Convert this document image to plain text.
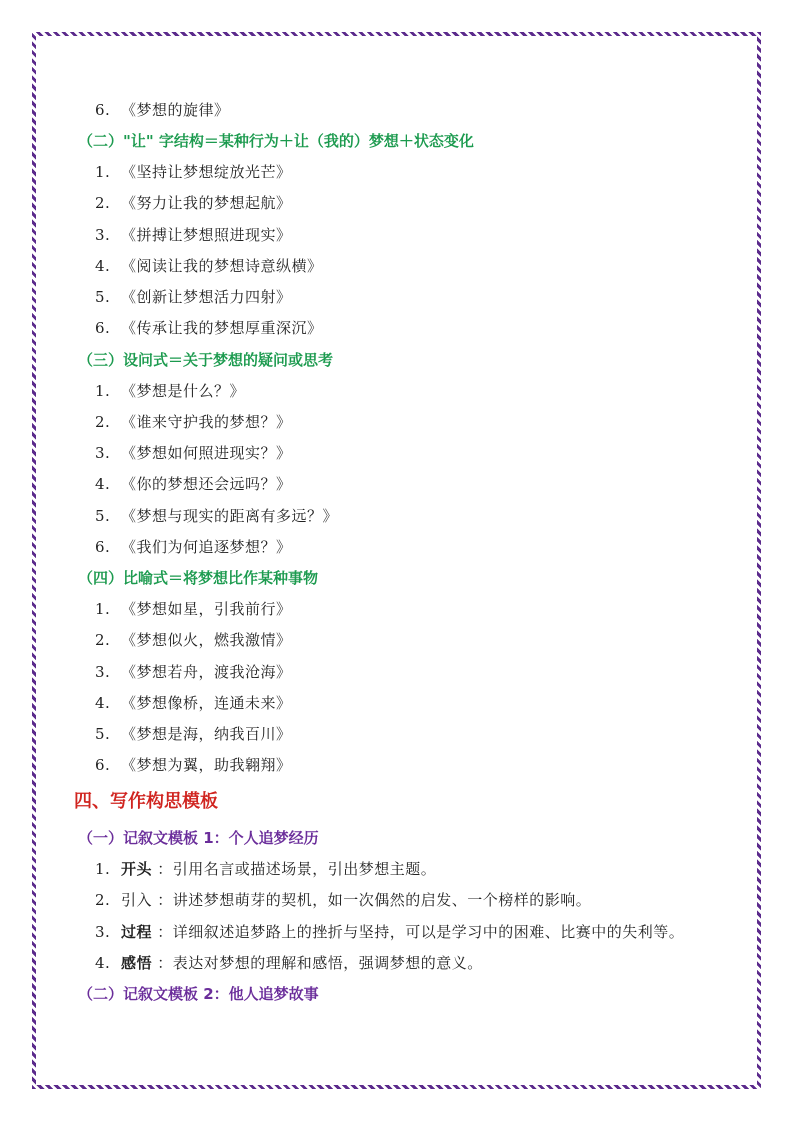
6. 《梦想的旋律》
（二）"让" 字结构＝某种行为＋让（我的）梦想＋状态变化
1. 《坚持让梦想绽放光芒》
2. 《努力让我的梦想起航》
3. 《拼搏让梦想照进现实》
4. 《阅读让我的梦想诗意纵横》
5. 《创新让梦想活力四射》
6. 《传承让我的梦想厚重深沉》
（三）设问式＝关于梦想的疑问或思考
1. 《梦想是什么？》
2. 《谁来守护我的梦想？》
3. 《梦想如何照进现实？》
4. 《你的梦想还会远吗？》
5. 《梦想与现实的距离有多远？》
6. 《我们为何追逐梦想？》
（四）比喻式＝将梦想比作某种事物
1. 《梦想如星，引我前行》
2. 《梦想似火，燃我激情》
3. 《梦想若舟，渡我沧海》
4. 《梦想像桥，连通未来》
5. 《梦想是海，纳我百川》
6. 《梦想为翼，助我翱翔》
四、写作构思模板
（一）记叙文模板 1：个人追梦经历
1. 开头 ：引用名言或描述场景，引出梦想主题。
2. 引入 ：讲述梦想萌芽的契机，如一次偶然的启发、一个榜样的影响。
3. 过程 ：详细叙述追梦路上的挫折与坚持，可以是学习中的困难、比赛中的失利等。
4. 感悟 ：表达对梦想的理解和感悟，强调梦想的意义。
（二）记叙文模板 2：他人追梦故事
